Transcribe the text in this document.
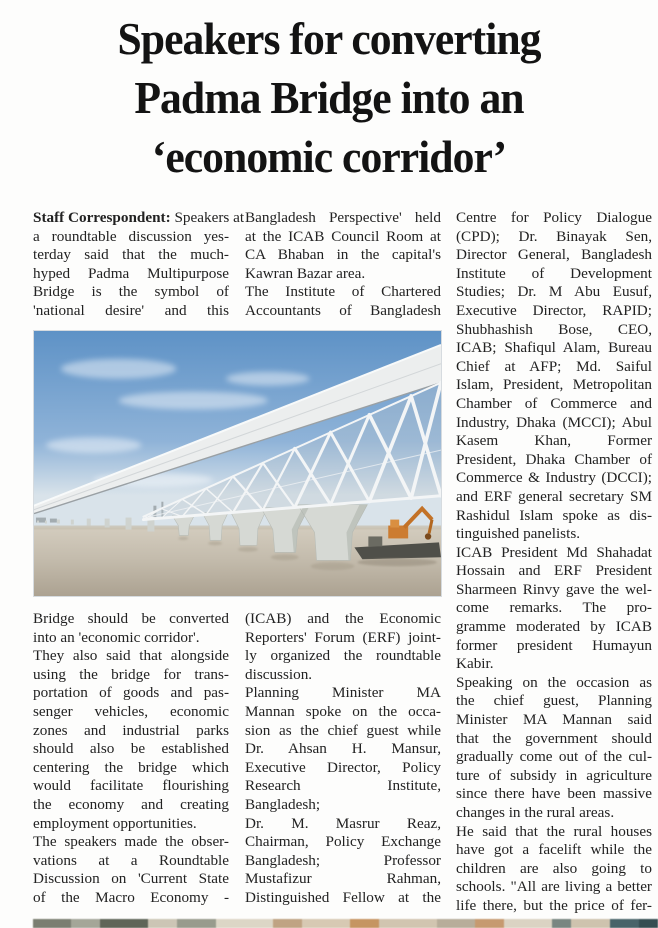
Speakers for converting
Padma Bridge into an
‘economic corridor’
Staff Correspondent: Speakers at
a roundtable discussion yes-
terday said that the much-
hyped Padma Multipurpose
Bridge is the symbol of
'national desire' and this
Bangladesh Perspective' held
at the ICAB Council Room at
CA Bhaban in the capital's
Kawran Bazar area.
The Institute of Chartered
Accountants of Bangladesh
Centre for Policy Dialogue
(CPD); Dr. Binayak Sen,
Director General, Bangladesh
Institute of Development
Studies; Dr. M Abu Eusuf,
Executive Director, RAPID;
Shubhashish Bose, CEO,
ICAB; Shafiqul Alam, Bureau
Chief at AFP; Md. Saiful
Islam, President, Metropolitan
Chamber of Commerce and
Industry, Dhaka (MCCI); Abul
Kasem Khan, Former
President, Dhaka Chamber of
Commerce & Industry (DCCI);
and ERF general secretary SM
Rashidul Islam spoke as dis-
tinguished panelists.
ICAB President Md Shahadat
Hossain and ERF President
Sharmeen Rinvy gave the wel-
come remarks. The pro-
gramme moderated by ICAB
former president Humayun
Kabir.
Speaking on the occasion as
the chief guest, Planning
Minister MA Mannan said
that the government should
gradually come out of the cul-
ture of subsidy in agriculture
since there have been massive
changes in the rural areas.
He said that the rural houses
have got a facelift while the
children are also going to
schools. "All are living a better
life there, but the price of fer-
Bridge should be converted
into an 'economic corridor'.
They also said that alongside
using the bridge for trans-
portation of goods and pas-
senger vehicles, economic
zones and industrial parks
should also be established
centering the bridge which
would facilitate flourishing
the economy and creating
employment opportunities.
The speakers made the obser-
vations at a Roundtable
Discussion on 'Current State
of the Macro Economy -
(ICAB) and the Economic
Reporters' Forum (ERF) joint-
ly organized the roundtable
discussion.
Planning Minister MA
Mannan spoke on the occa-
sion as the chief guest while
Dr. Ahsan H. Mansur,
Executive Director, Policy
Research Institute,
Bangladesh;
Dr. M. Masrur Reaz,
Chairman, Policy Exchange
Bangladesh; Professor
Mustafizur Rahman,
Distinguished Fellow at the
